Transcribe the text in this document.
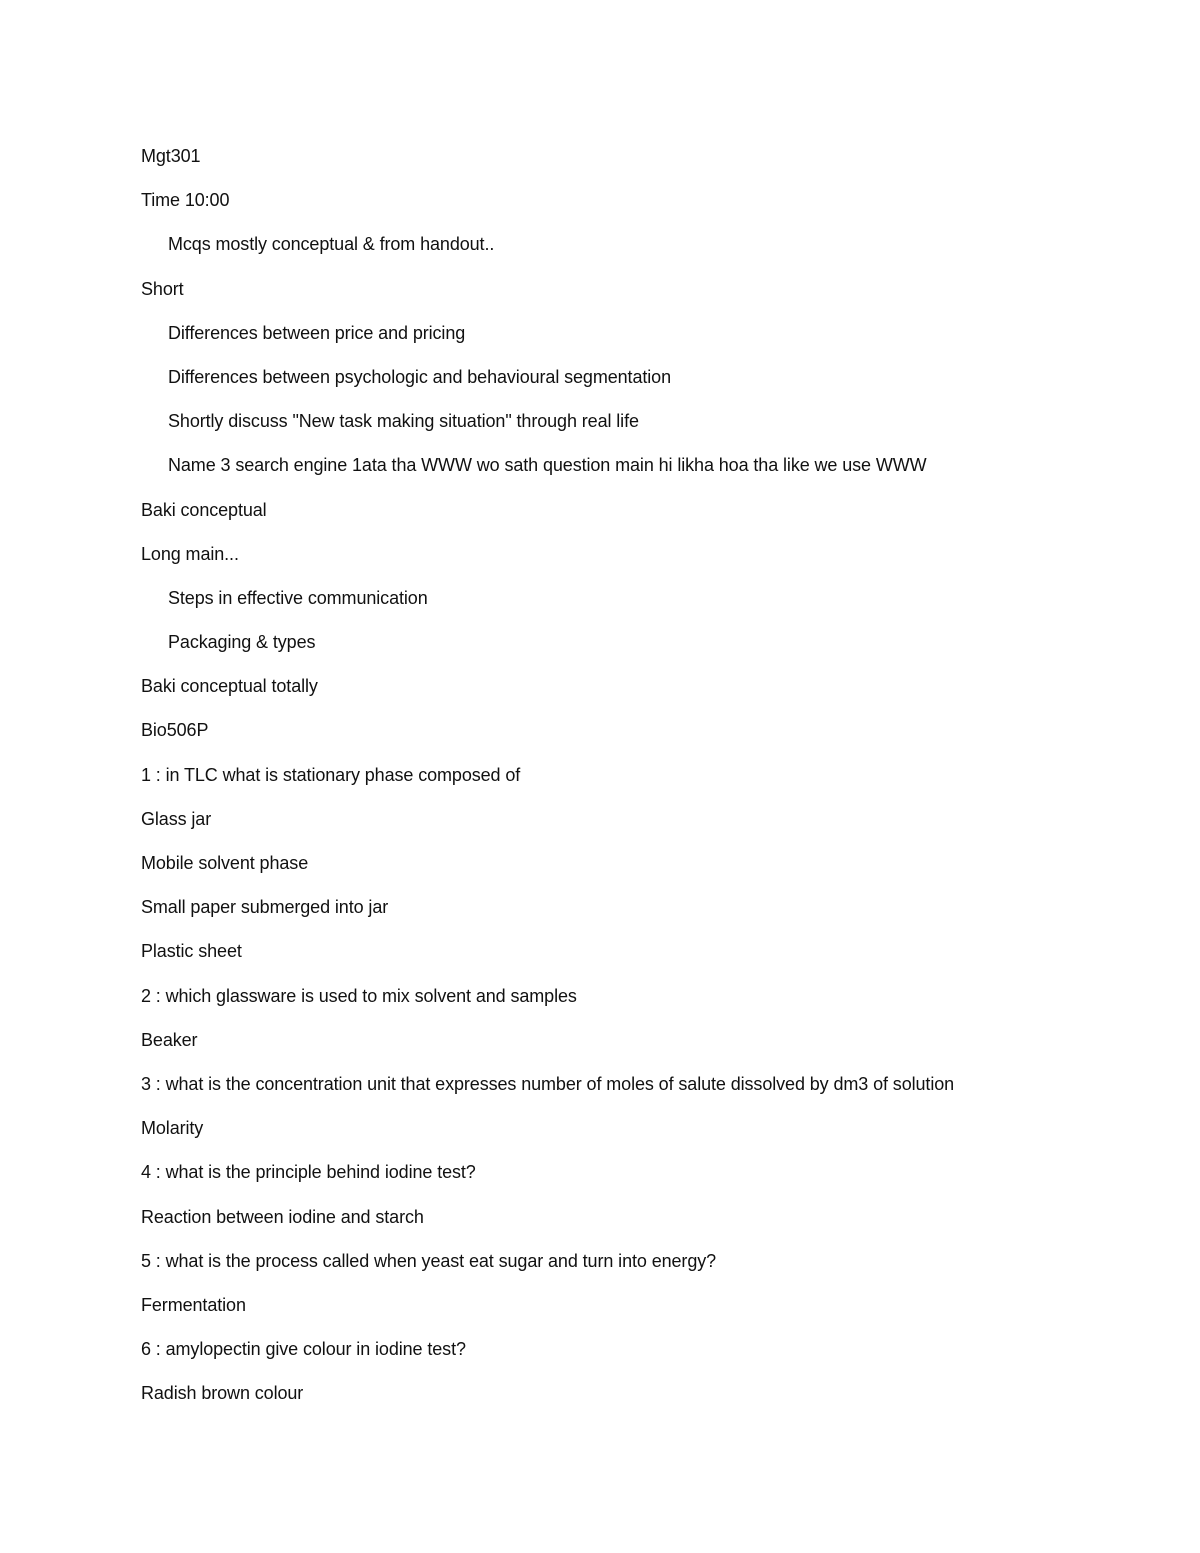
Mgt301
Time 10:00
Mcqs mostly conceptual & from handout..
Short
Differences between price and pricing
Differences between psychologic and behavioural segmentation
Shortly discuss "New task making situation" through real life
Name 3 search engine 1ata tha WWW wo sath question main hi likha hoa tha like we use WWW
Baki conceptual
Long main...
Steps in effective communication
Packaging & types
Baki conceptual totally
Bio506P
1 : in TLC what is stationary phase composed of
Glass jar
Mobile solvent phase
Small paper submerged into jar
Plastic sheet
2 : which glassware is used to mix solvent and samples
Beaker
3 : what is the concentration unit that expresses number of moles of salute dissolved by dm3 of solution
Molarity
4 : what is the principle behind iodine test?
Reaction between iodine and starch
5 : what is the process called when yeast eat sugar and turn into energy?
Fermentation
6 : amylopectin give colour in iodine test?
Radish brown colour
